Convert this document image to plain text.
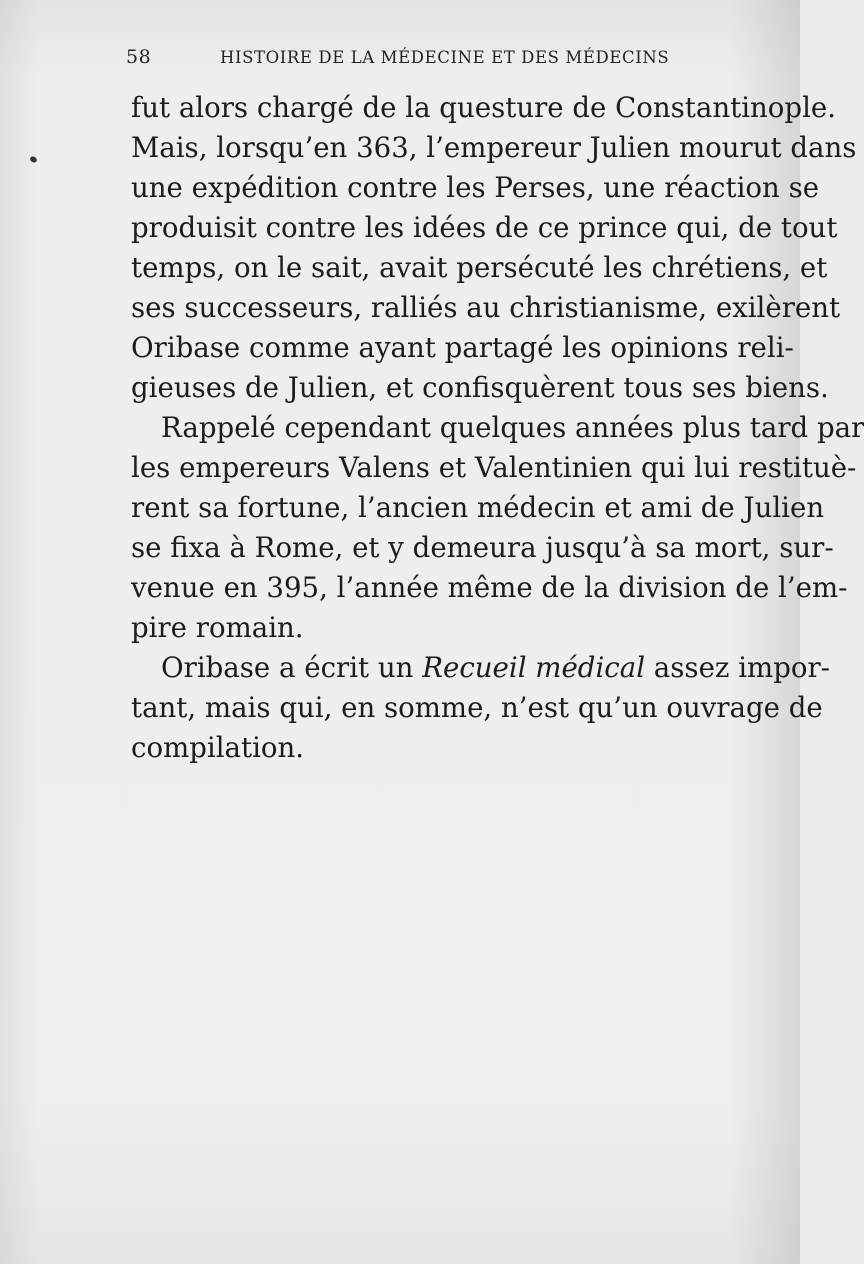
58	HISTOIRE DE LA MÉDECINE ET DES MÉDECINS
fut alors chargé de la questure de Constantinople.
Mais, lorsqu’en 363, l’empereur Julien mourut dans
une expédition contre les Perses, une réaction se
produisit contre les idées de ce prince qui, de tout
temps, on le sait, avait persécuté les chrétiens, et
ses successeurs, ralliés au christianisme, exilèrent
Oribase comme ayant partagé les opinions reli-
gieuses de Julien, et confisquèrent tous ses biens.
Rappelé cependant quelques années plus tard par
les empereurs Valens et Valentinien qui lui restituè-
rent sa fortune, l’ancien médecin et ami de Julien
se fixa à Rome, et y demeura jusqu’à sa mort, sur-
venue en 395, l’année même de la division de l’em-
pire romain.
Oribase a écrit un Recueil médical assez impor-
tant, mais qui, en somme, n’est qu’un ouvrage de
compilation.
